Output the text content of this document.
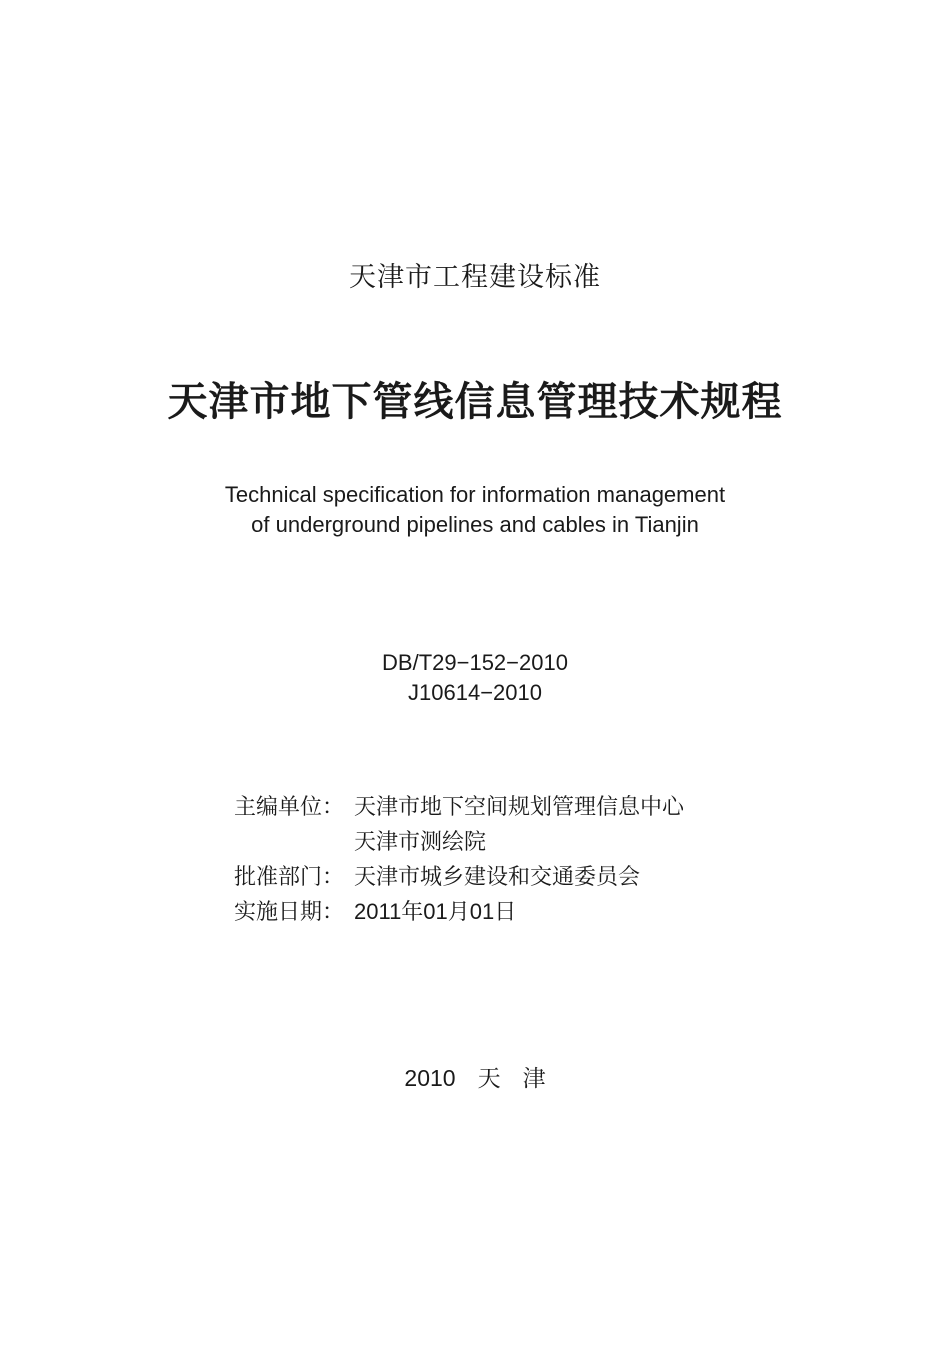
天津市工程建设标准
天津市地下管线信息管理技术规程
Technical specification for information management
of underground pipelines and cables in Tianjin
DB/T29−152−2010
J10614−2010
主编单位： 天津市地下空间规划管理信息中心
天津市测绘院
批准部门： 天津市城乡建设和交通委员会
实施日期： 2011年01月01日
2010 天津
